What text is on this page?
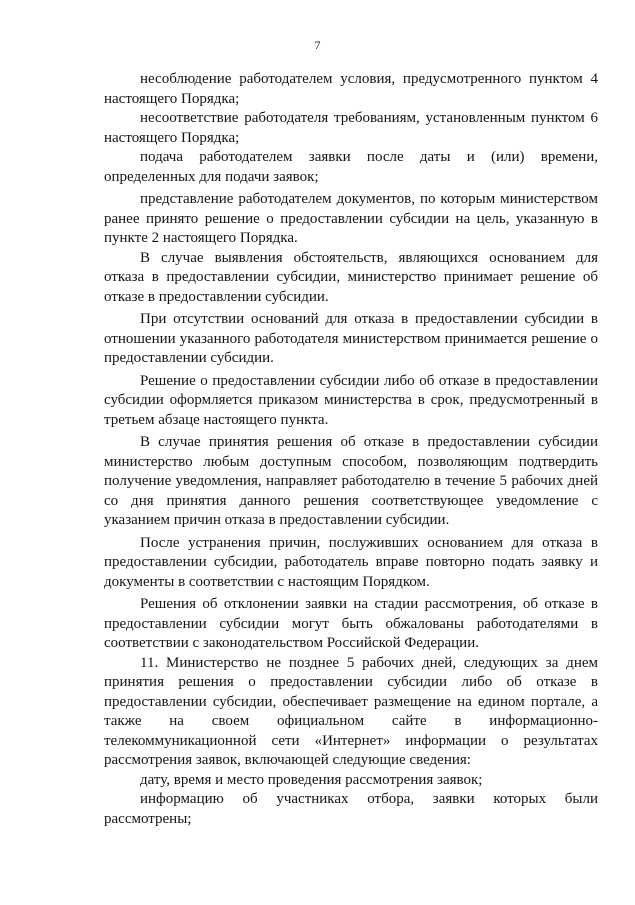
7

несоблюдение работодателем условия, предусмотренного пунктом 4 настоящего Порядка;

несоответствие работодателя требованиям, установленным пунктом 6 настоящего Порядка;

подача работодателем заявки после даты и (или) времени, определенных для подачи заявок;

представление работодателем документов, по которым министерством ранее принято решение о предоставлении субсидии на цель, указанную в пункте 2 настоящего Порядка.

В случае выявления обстоятельств, являющихся основанием для отказа в предоставлении субсидии, министерство принимает решение об отказе в предоставлении субсидии.

При отсутствии оснований для отказа в предоставлении субсидии в отношении указанного работодателя министерством принимается решение о предоставлении субсидии.

Решение о предоставлении субсидии либо об отказе в предоставлении субсидии оформляется приказом министерства в срок, предусмотренный в третьем абзаце настоящего пункта.

В случае принятия решения об отказе в предоставлении субсидии министерство любым доступным способом, позволяющим подтвердить получение уведомления, направляет работодателю в течение 5 рабочих дней со дня принятия данного решения соответствующее уведомление с указанием причин отказа в предоставлении субсидии.

После устранения причин, послуживших основанием для отказа в предоставлении субсидии, работодатель вправе повторно подать заявку и документы в соответствии с настоящим Порядком.

Решения об отклонении заявки на стадии рассмотрения, об отказе в предоставлении субсидии могут быть обжалованы работодателями в соответствии с законодательством Российской Федерации.

11. Министерство не позднее 5 рабочих дней, следующих за днем принятия решения о предоставлении субсидии либо об отказе в предоставлении субсидии, обеспечивает размещение на едином портале, а также на своем официальном сайте в информационно-телекоммуникационной сети «Интернет» информации о результатах рассмотрения заявок, включающей следующие сведения:

дату, время и место проведения рассмотрения заявок;

информацию об участниках отбора, заявки которых были рассмотрены;
